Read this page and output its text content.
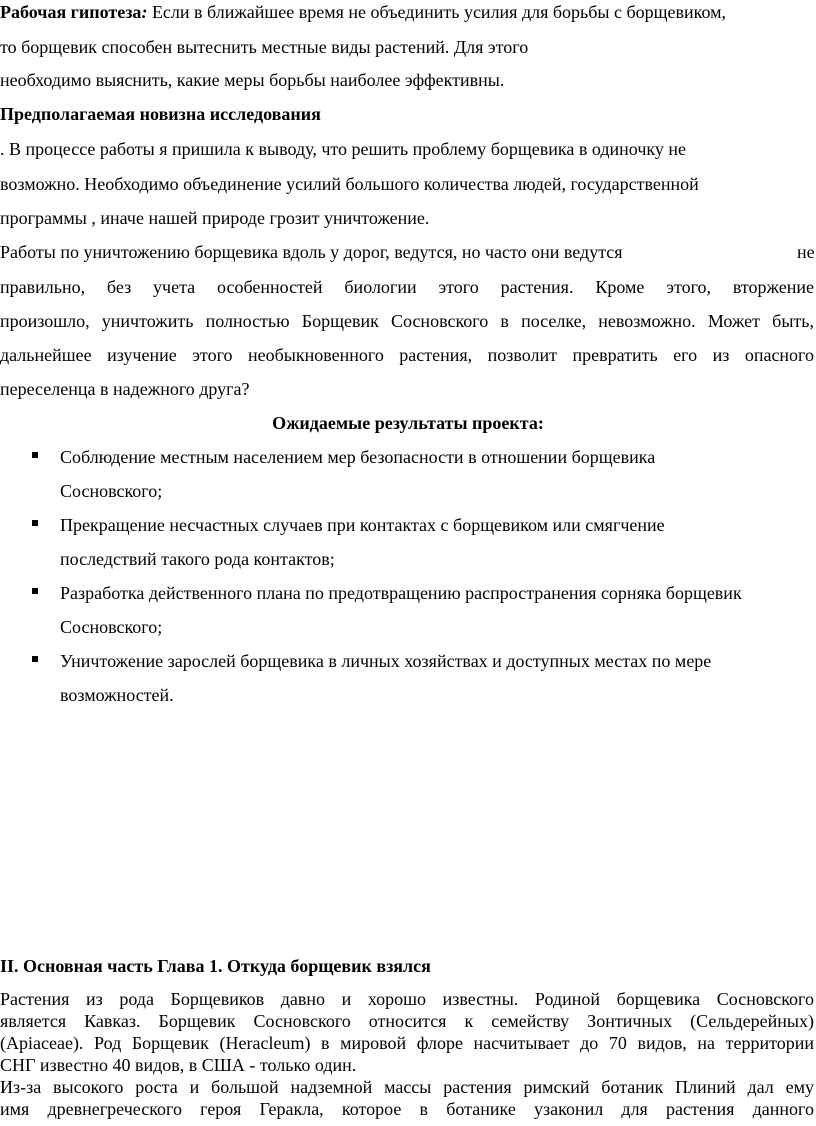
Рабочая гипотеза: Если в ближайшее время не объединить усилия для борьбы с борщевиком,
то борщевик способен вытеснить местные виды растений. Для этого
необходимо выяснить, какие меры борьбы наиболее эффективны.
Предполагаемая новизна исследования
. В процессе работы я пришила к выводу, что решить проблему борщевика в одиночку не
возможно. Необходимо объединение усилий большого количества людей, государственной
программы , иначе нашей природе грозит уничтожение.
Работы по уничтожению борщевика вдоль у дорог, ведутся, но часто они ведутся	не
правильно, без учета особенностей биологии этого растения. Кроме этого, вторжение
произошло, уничтожить полностью Борщевик Сосновского в поселке, невозможно. Может быть,
дальнейшее изучение этого необыкновенного растения, позволит превратить его из опасного
переселенца в надежного друга?
Ожидаемые результаты проекта:
Соблюдение местным населением мер безопасности в отношении борщевика
Сосновского;
Прекращение несчастных случаев при контактах с борщевиком или смягчение
последствий такого рода контактов;
Разработка действенного плана по предотвращению распространения сорняка борщевик
Сосновского;
Уничтожение зарослей борщевика в личных хозяйствах и доступных местах по мере
возможностей.
II. Основная часть Глава 1. Откуда борщевик взялся
Растения из рода Борщевиков давно и хорошо известны. Родиной борщевика Сосновского
является Кавказ. Борщевик Сосновского относится к семейству Зонтичных (Сельдерейных)
(Apiaceae). Род Борщевик (Heracleum) в мировой флоре насчитывает до 70 видов, на территории
СНГ известно 40 видов, в США - только один.
Из-за высокого роста и большой надземной массы растения римский ботаник Плиний дал ему
имя древнегреческого героя Геракла, которое в ботанике узаконил для растения данного
